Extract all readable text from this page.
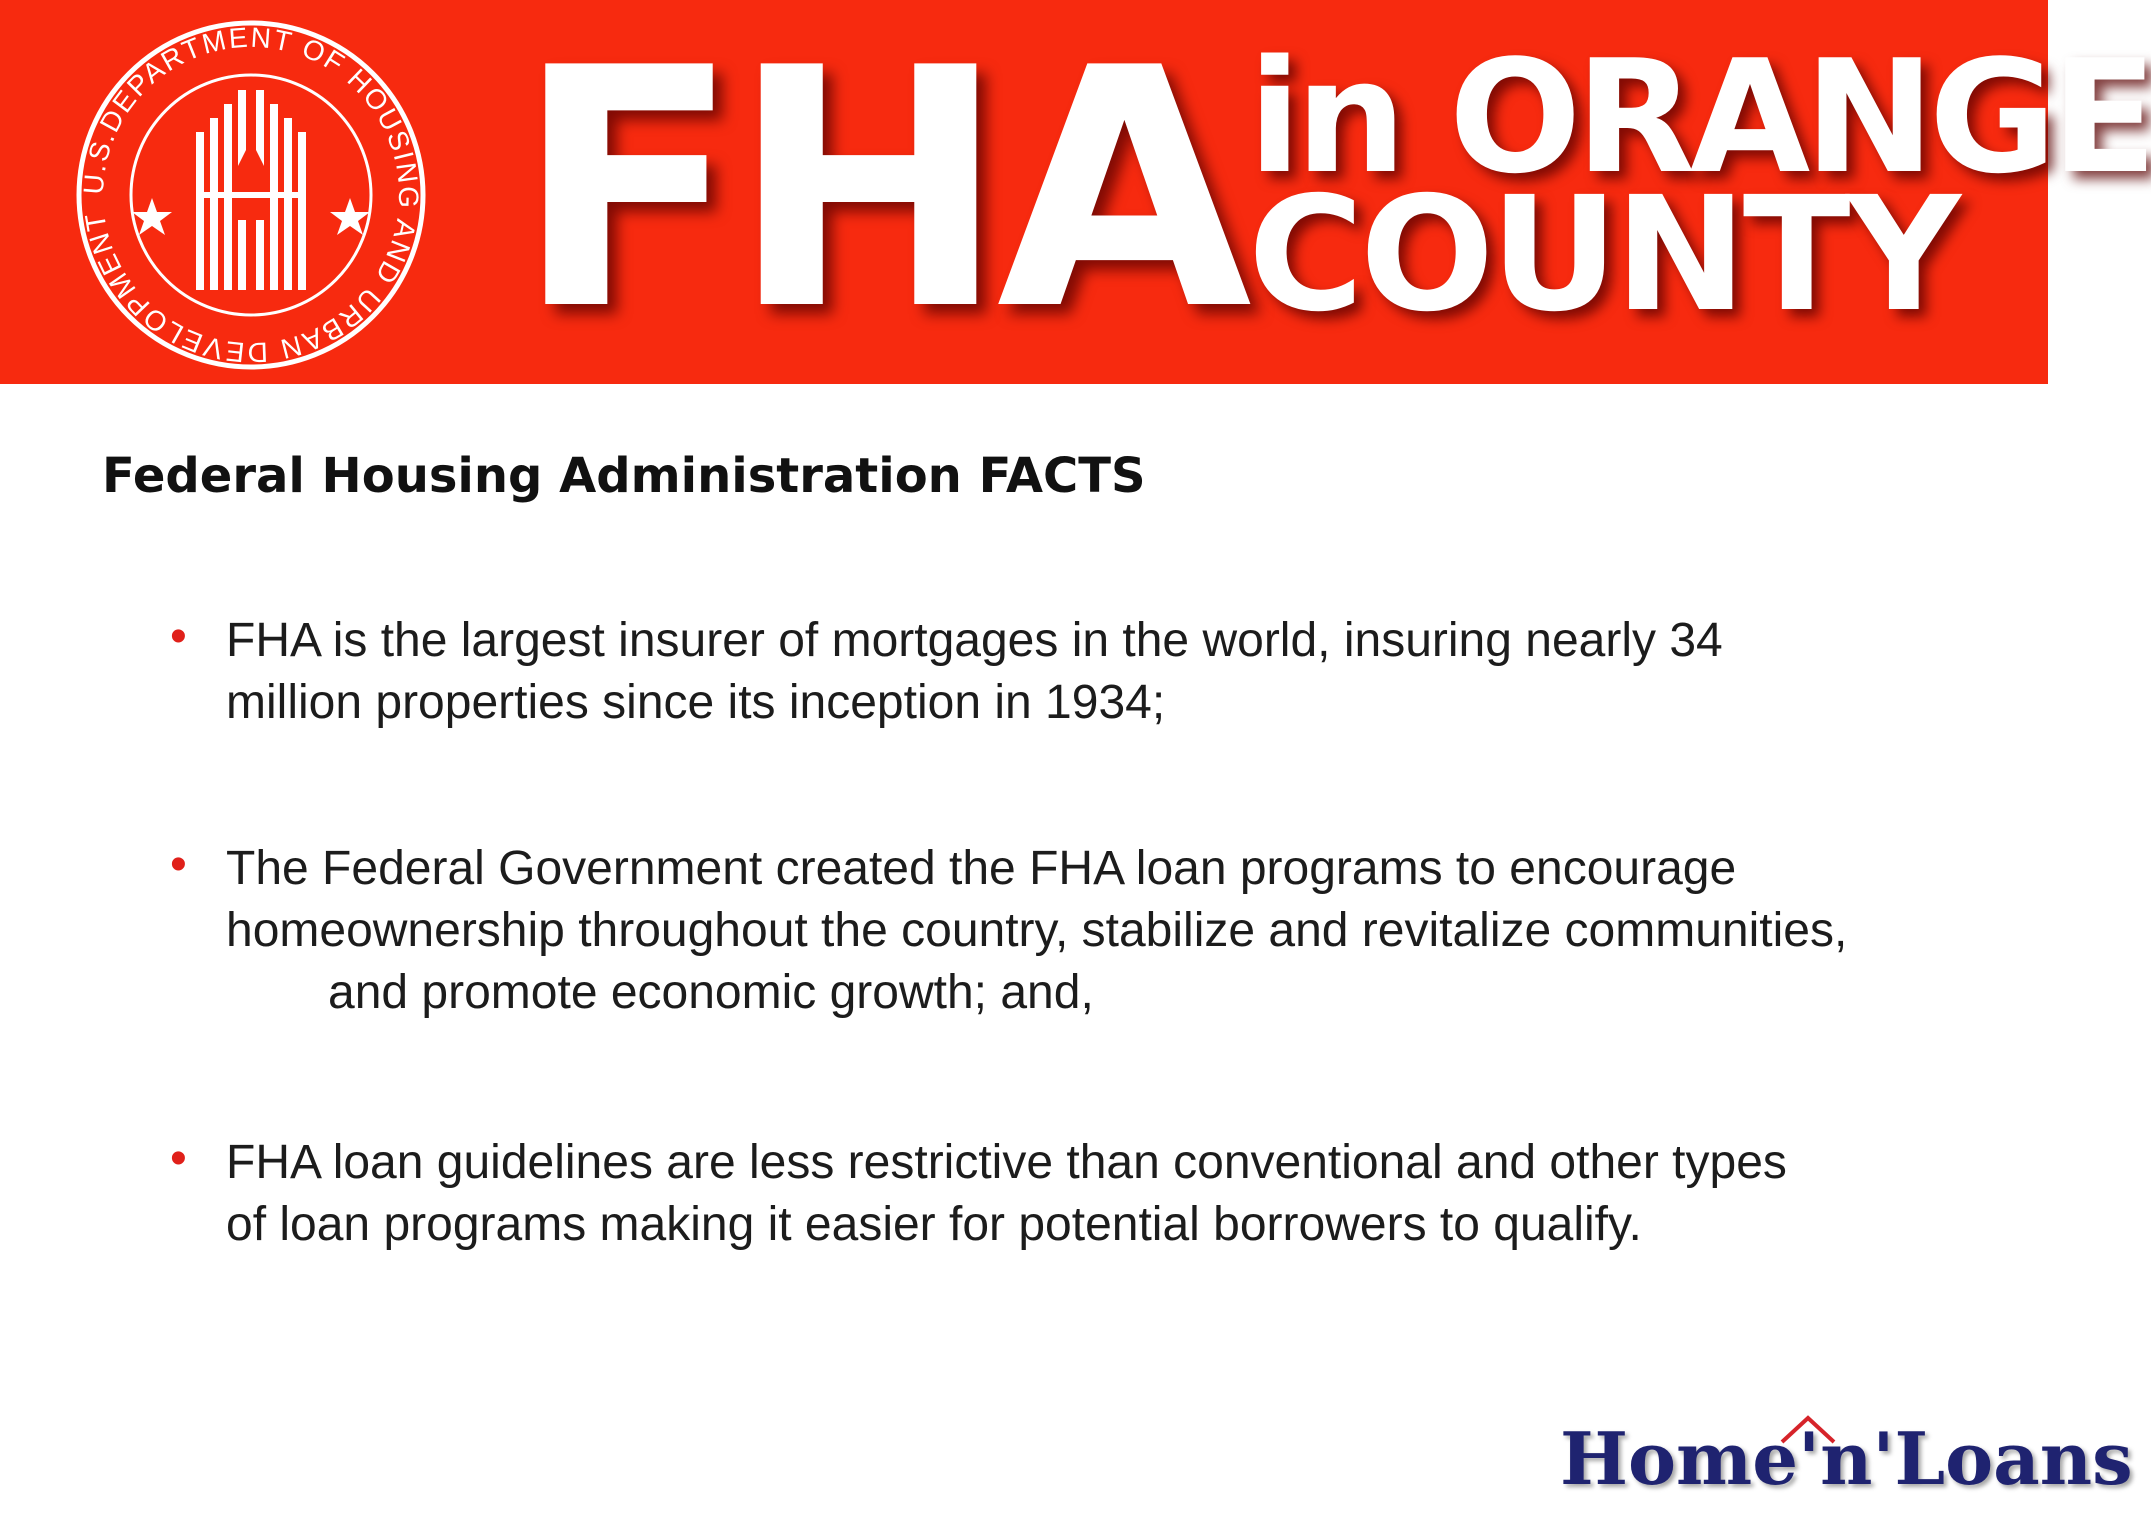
U.S.DEPARTMENT OF HOUSING AND URBAN DEVELOPMENT	FHA in ORANGE
COUNTY
Federal Housing Administration FACTS
• FHA is the largest insurer of mortgages in the world, insuring nearly 34
million properties since its inception in 1934;
• The Federal Government created the FHA loan programs to encourage
homeownership throughout the country, stabilize and revitalize communities,
and promote economic growth; and,
• FHA loan guidelines are less restrictive than conventional and other types
of loan programs making it easier for potential borrowers to qualify.
Home'n'Loans
